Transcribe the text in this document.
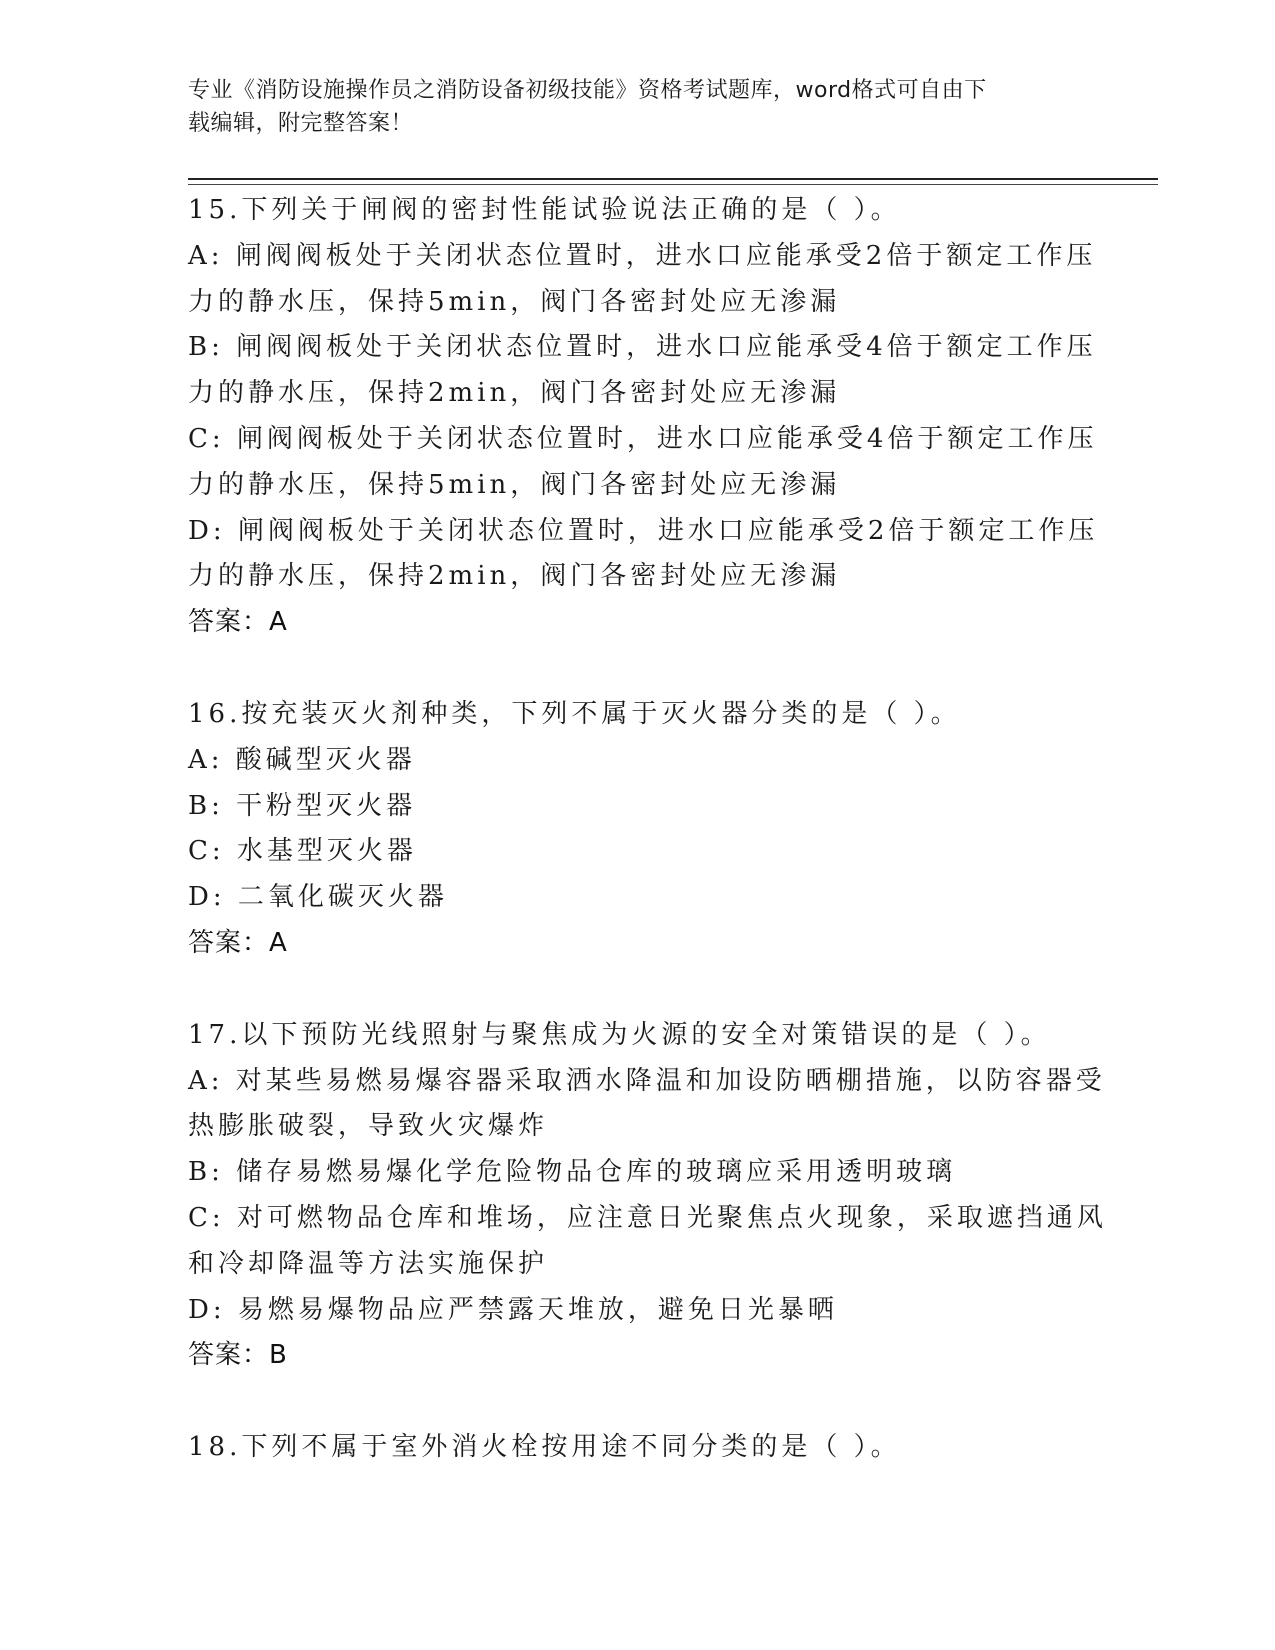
专业《消防设施操作员之消防设备初级技能》资格考试题库，word格式可自由下
载编辑，附完整答案！
15.下列关于闸阀的密封性能试验说法正确的是（ ）。
A: 闸阀阀板处于关闭状态位置时，进水口应能承受2倍于额定工作压
力的静水压，保持5min，阀门各密封处应无渗漏
B: 闸阀阀板处于关闭状态位置时，进水口应能承受4倍于额定工作压
力的静水压，保持2min，阀门各密封处应无渗漏
C: 闸阀阀板处于关闭状态位置时，进水口应能承受4倍于额定工作压
力的静水压，保持5min，阀门各密封处应无渗漏
D: 闸阀阀板处于关闭状态位置时，进水口应能承受2倍于额定工作压
力的静水压，保持2min，阀门各密封处应无渗漏
答案：A
16.按充装灭火剂种类，下列不属于灭火器分类的是（ ）。
A: 酸碱型灭火器
B: 干粉型灭火器
C: 水基型灭火器
D: 二氧化碳灭火器
答案：A
17.以下预防光线照射与聚焦成为火源的安全对策错误的是（ ）。
A: 对某些易燃易爆容器采取洒水降温和加设防晒棚措施，以防容器受
热膨胀破裂，导致火灾爆炸
B: 储存易燃易爆化学危险物品仓库的玻璃应采用透明玻璃
C: 对可燃物品仓库和堆场，应注意日光聚焦点火现象，采取遮挡通风
和冷却降温等方法实施保护
D: 易燃易爆物品应严禁露天堆放，避免日光暴晒
答案：B
18.下列不属于室外消火栓按用途不同分类的是（ ）。
